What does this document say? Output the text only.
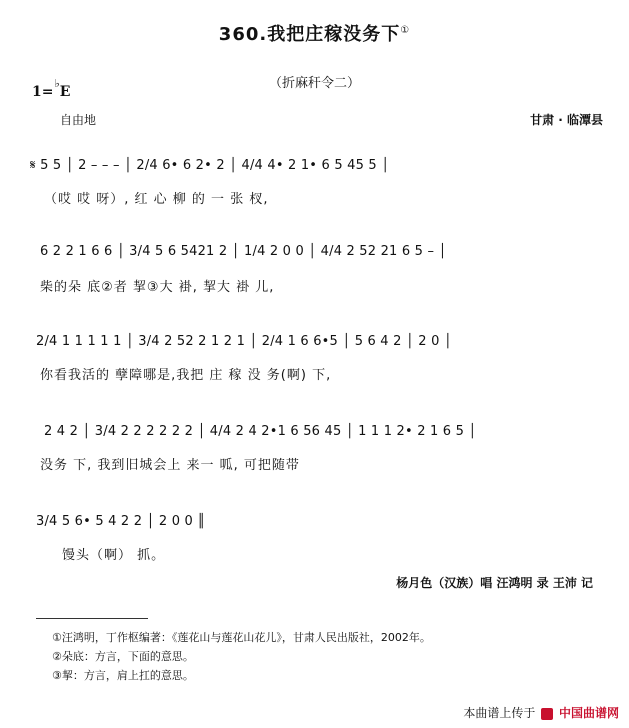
360.我把庄稼没务下①
（折麻秆令二）
1=♭E
自由地	甘肃 · 临潭县
𝄋 5 5 │ 2 – – – │ 2/4 6• 6 2• 2 │ 4/4 4• 2 1• 6 5 45 5 │
（哎 哎 呀）, 红 心 柳 的 一 张 杈,
6 2 2 1 6 6 │ 3/4 5 6 5421 2 │ 1/4 2 0 0 │ 4/4 2 52 21 6 5 – │
柴的朵 底②者 挈③大 褂, 挈大 褂 儿,
2/4 1 1 1 1 1 │ 3/4 2 52 2 1 2 1 │ 2/4 1 6 6•5 │ 5 6 4 2 │ 2 0 │
你看我活的 孽障哪是,我把 庄 稼 没 务(啊) 下,
2 4 2 │ 3/4 2 2 2 2 2 2 │ 4/4 2 4 2•1 6 56 45 │ 1 1 1 2• 2 1 6 5 │
没务 下, 我到旧城会上 来一 呱, 可把随带
3/4 5 6• 5 4 2 2 │ 2 0 0 ║
馒头（啊） 抓。
杨月色（汉族）唱 汪鸿明 录 王沛 记
①汪鸿明，丁作枢编著：《莲花山与莲花山花儿》，甘肃人民出版社，2002年。
②朵底：方言，下面的意思。
③挈：方言，肩上扛的意思。
本曲谱上传于 中国曲谱网
